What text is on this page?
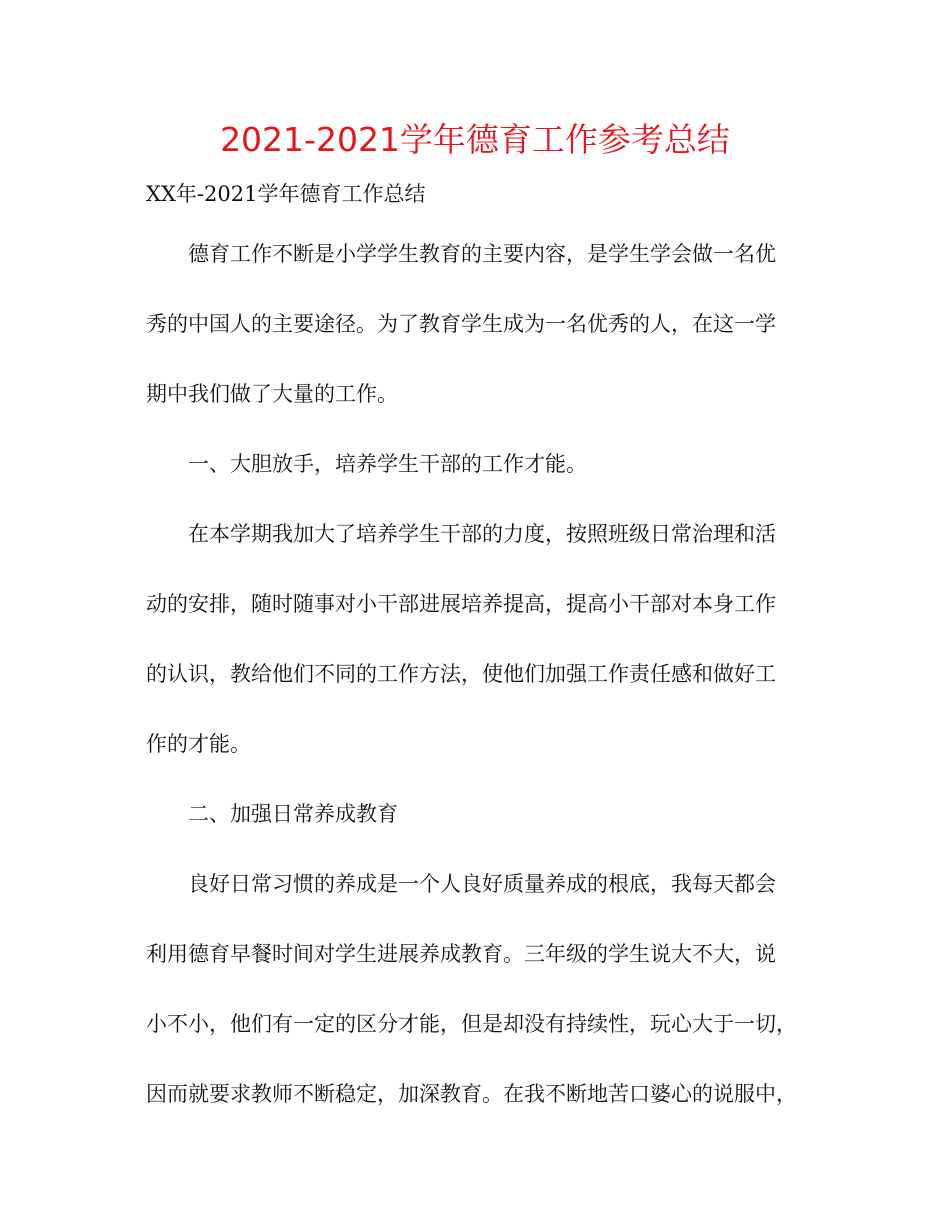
2021-2021学年德育工作参考总结
XX年-2021学年德育工作总结
德育工作不断是小学学生教育的主要内容，是学生学会做一名优
秀的中国人的主要途径。为了教育学生成为一名优秀的人，在这一学
期中我们做了大量的工作。
一、大胆放手，培养学生干部的工作才能。
在本学期我加大了培养学生干部的力度，按照班级日常治理和活
动的安排，随时随事对小干部进展培养提高，提高小干部对本身工作
的认识，教给他们不同的工作方法，使他们加强工作责任感和做好工
作的才能。
二、加强日常养成教育
良好日常习惯的养成是一个人良好质量养成的根底，我每天都会
利用德育早餐时间对学生进展养成教育。三年级的学生说大不大，说
小不小，他们有一定的区分才能，但是却没有持续性，玩心大于一切，
因而就要求教师不断稳定，加深教育。在我不断地苦口婆心的说服中，
